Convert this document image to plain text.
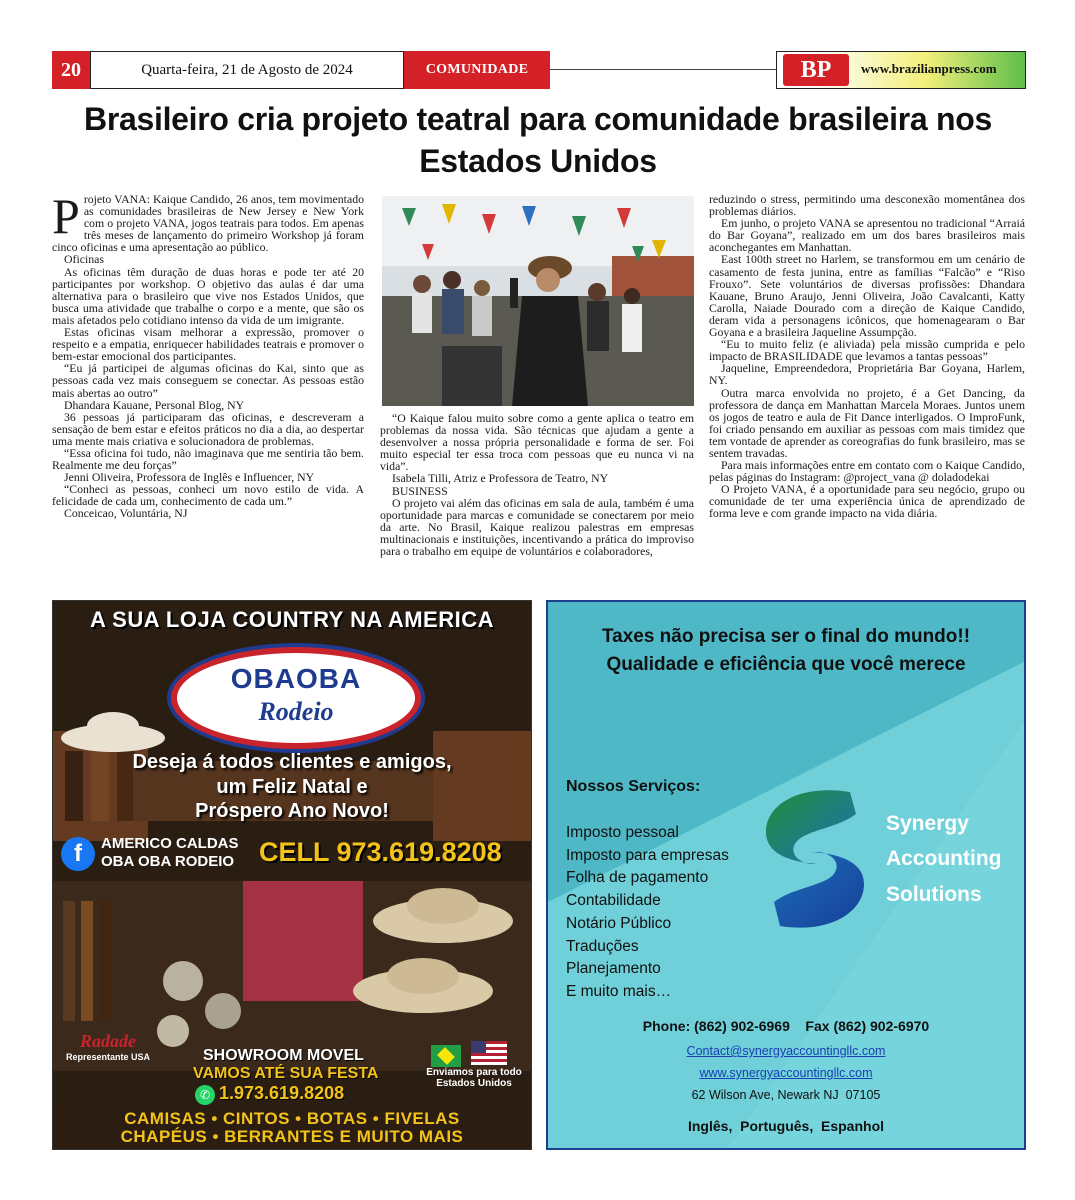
20	Quarta-feira, 21 de Agosto de 2024	COMUNIDADE	BP	www.brazilianpress.com
Brasileiro cria projeto teatral para comunidade brasileira nos Estados Unidos
P rojeto VANA: Kaique Candido, 26 anos, tem movimentado as comunidades brasileiras de New Jersey e New York com o projeto VANA, jogos teatrais para todos. Em apenas três meses de lançamento do primeiro Workshop já foram cinco oficinas e uma apresentação ao público.

Oficinas

As oficinas têm duração de duas horas e pode ter até 20 participantes por workshop. O objetivo das aulas é dar uma alternativa para o brasileiro que vive nos Estados Unidos, que busca uma atividade que trabalhe o corpo e a mente, que são os mais afetados pelo cotidiano intenso da vida de um imigrante.

Estas oficinas visam melhorar a expressão, promover o respeito e a empatia, enriquecer habilidades teatrais e promover o bem-estar emocional dos participantes.

“Eu já participei de algumas oficinas do Kai, sinto que as pessoas cada vez mais conseguem se conectar. As pessoas estão mais abertas ao outro”

Dhandara Kauane, Personal Blog, NY

36 pessoas já participaram das oficinas, e descreveram a sensação de bem estar e efeitos práticos no dia a dia, ao despertar uma mente mais criativa e solucionadora de problemas.

“Essa oficina foi tudo, não imaginava que me sentiria tão bem. Realmente me deu forças”

Jenni Oliveira, Professora de Inglês e Influencer, NY

“Conheci as pessoas, conheci um novo estilo de vida. A felicidade de cada um, conhecimento de cada um.”

Conceicao, Voluntária, NJ

“O Kaique falou muito sobre como a gente aplica o teatro em problemas da nossa vida. São técnicas que ajudam a gente a desenvolver a nossa própria personalidade e forma de ser. Foi muito especial ter essa troca com pessoas que eu nunca vi na vida”.

Isabela Tilli, Atriz e Professora de Teatro, NY

BUSINESS

O projeto vai além das oficinas em sala de aula, também é uma oportunidade para marcas e comunidade se conectarem por meio da arte. No Brasil, Kaique realizou palestras em empresas multinacionais e instituições, incentivando a prática do improviso para o trabalho em equipe de voluntários e colaboradores,

reduzindo o stress, permitindo uma desconexão momentânea dos problemas diários.

Em junho, o projeto VANA se apresentou no tradicional “Arraiá do Bar Goyana”, realizado em um dos bares brasileiros mais aconchegantes em Manhattan.

East 100th street no Harlem, se transformou em um cenário de casamento de festa junina, entre as famílias “Falcão” e “Riso Frouxo”. Sete voluntários de diversas profissões: Dhandara Kauane, Bruno Araujo, Jenni Oliveira, João Cavalcanti, Katty Carolla, Naiade Dourado com a direção de Kaique Candido, deram vida a personagens icônicos, que homenagearam o Bar Goyana e a brasileira Jaqueline Assumpção.

“Eu to muito feliz (e aliviada) pela missão cumprida e pelo impacto de BRASILIDADE que levamos a tantas pessoas”

Jaqueline, Empreendedora, Proprietária Bar Goyana, Harlem, NY.

Outra marca envolvida no projeto, é a Get Dancing, da professora de dança em Manhattan Marcela Moraes. Juntos unem os jogos de teatro e aula de Fit Dance interligados. O ImproFunk, foi criado pensando em auxiliar as pessoas com mais timidez que tem vontade de aprender as coreografias do funk brasileiro, mas se sentem travadas.

Para mais informações entre em contato com o Kaique Candido, pelas páginas do Instagram: @project_vana @ doladodekai

O Projeto VANA, é a oportunidade para seu negócio, grupo ou comunidade de ter uma experiência única de aprendizado de forma leve e com grande impacto na vida diária.

A SUA LOJA COUNTRY NA AMERICA
OBAOBA
Rodeio
Deseja á todos clientes e amigos,
um Feliz Natal e
Próspero Ano Novo!
f	AMERICO CALDAS
OBA OBA RODEIO CELL 973.619.8208
Radade
Representante USA	SHOWROOM MOVEL
VAMOS ATÉ SUA FESTA
✆ 1.973.619.8208
Enviamos para todo Estados Unidos
CAMISAS • CINTOS • BOTAS • FIVELAS
CHAPÉUS • BERRANTES E MUITO MAIS
Taxes não precisa ser o final do mundo!!
Qualidade e eficiência que você merece
Nossos Serviços:
Imposto pessoal
Imposto para empresas
Folha de pagamento
Contabilidade
Notário Público
Traduções
Planejamento
E muito mais…
Synergy
Accounting
Solutions
Phone: (862) 902-6969    Fax (862) 902-6970
Contact@synergyaccountingllc.com
www.synergyaccountingllc.com
62 Wilson Ave, Newark NJ  07105
Inglês,  Português,  Espanhol
